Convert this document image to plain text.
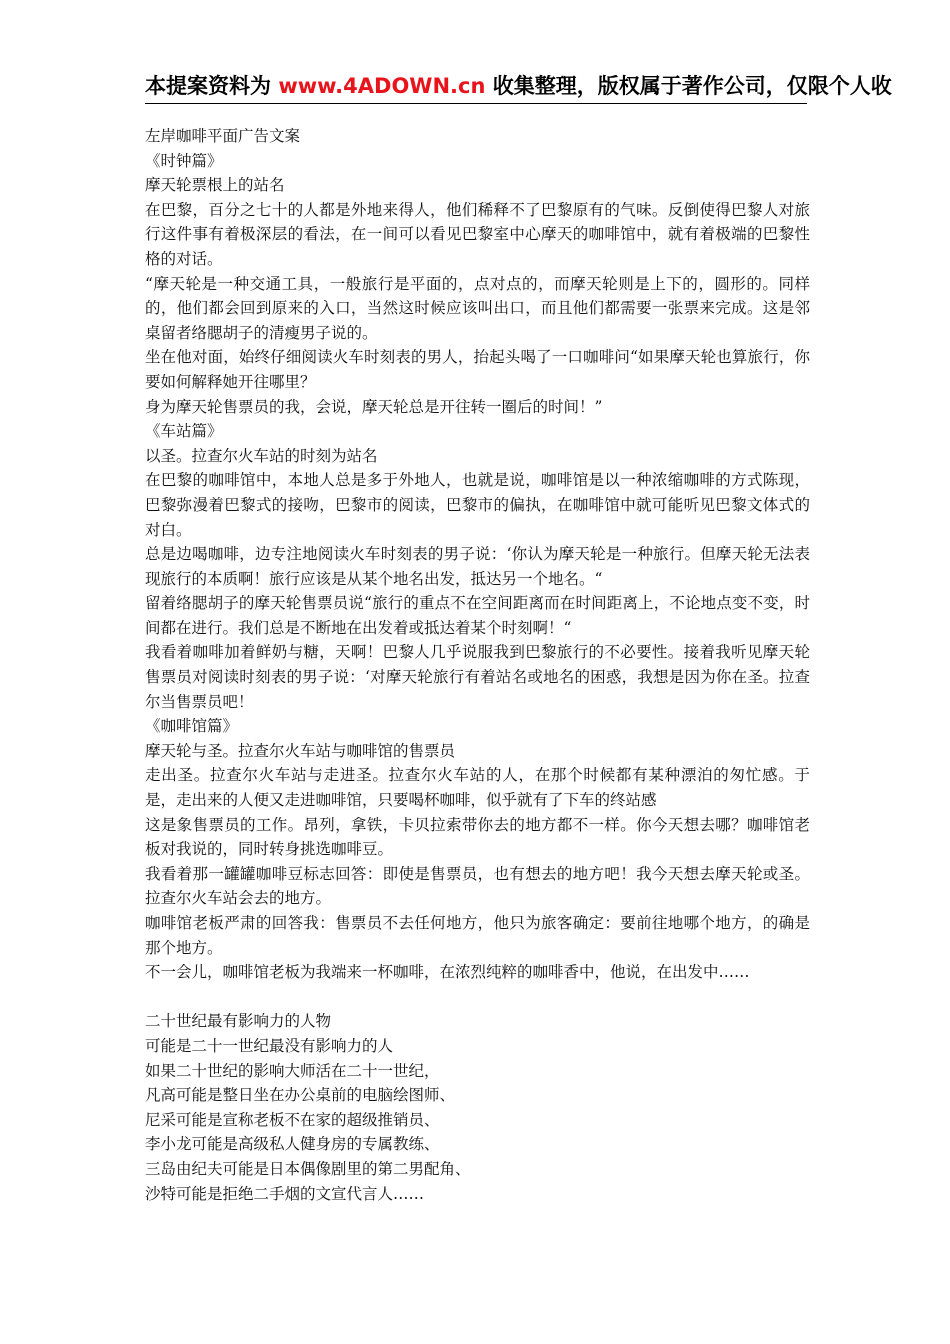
本提案资料为 www.4ADOWN.cn 收集整理，版权属于著作公司，仅限个人收

左岸咖啡平面广告文案

《时钟篇》

摩天轮票根上的站名

在巴黎，百分之七十的人都是外地来得人，他们稀释不了巴黎原有的气味。反倒使得巴黎人对旅行这件事有着极深层的看法，在一间可以看见巴黎室中心摩天的咖啡馆中，就有着极端的巴黎性格的对话。

“摩天轮是一种交通工具，一般旅行是平面的，点对点的，而摩天轮则是上下的，圆形的。同样的，他们都会回到原来的入口，当然这时候应该叫出口，而且他们都需要一张票来完成。这是邻桌留者络腮胡子的清瘦男子说的。

坐在他对面，始终仔细阅读火车时刻表的男人，抬起头喝了一口咖啡问“如果摩天轮也算旅行，你要如何解释她开往哪里？

身为摩天轮售票员的我，会说，摩天轮总是开往转一圈后的时间！”

《车站篇》

以圣。拉查尔火车站的时刻为站名

在巴黎的咖啡馆中，本地人总是多于外地人，也就是说，咖啡馆是以一种浓缩咖啡的方式陈现，巴黎弥漫着巴黎式的接吻，巴黎市的阅读，巴黎市的偏执，在咖啡馆中就可能听见巴黎文体式的对白。

总是边喝咖啡，边专注地阅读火车时刻表的男子说：‘你认为摩天轮是一种旅行。但摩天轮无法表现旅行的本质啊！旅行应该是从某个地名出发，抵达另一个地名。“

留着络腮胡子的摩天轮售票员说“旅行的重点不在空间距离而在时间距离上，不论地点变不变，时间都在进行。我们总是不断地在出发着或抵达着某个时刻啊！“

我看着咖啡加着鲜奶与糖，天啊！巴黎人几乎说服我到巴黎旅行的不必要性。接着我听见摩天轮售票员对阅读时刻表的男子说：‘对摩天轮旅行有着站名或地名的困惑，我想是因为你在圣。拉查尔当售票员吧！

《咖啡馆篇》

摩天轮与圣。拉查尔火车站与咖啡馆的售票员

走出圣。拉查尔火车站与走进圣。拉查尔火车站的人，在那个时候都有某种漂泊的匆忙感。于是，走出来的人便又走进咖啡馆，只要喝杯咖啡，似乎就有了下车的终站感

这是象售票员的工作。昂列，拿铁，卡贝拉索带你去的地方都不一样。你今天想去哪？咖啡馆老板对我说的，同时转身挑选咖啡豆。

我看着那一罐罐咖啡豆标志回答：即使是售票员，也有想去的地方吧！我今天想去摩天轮或圣。拉查尔火车站会去的地方。

咖啡馆老板严肃的回答我：售票员不去任何地方，他只为旅客确定：要前往地哪个地方，的确是那个地方。

不一会儿，咖啡馆老板为我端来一杯咖啡，在浓烈纯粹的咖啡香中，他说，在出发中……

二十世纪最有影响力的人物

可能是二十一世纪最没有影响力的人

如果二十世纪的影响大师活在二十一世纪，

凡高可能是整日坐在办公桌前的电脑绘图师、

尼采可能是宣称老板不在家的超级推销员、

李小龙可能是高级私人健身房的专属教练、

三岛由纪夫可能是日本偶像剧里的第二男配角、

沙特可能是拒绝二手烟的文宣代言人……
